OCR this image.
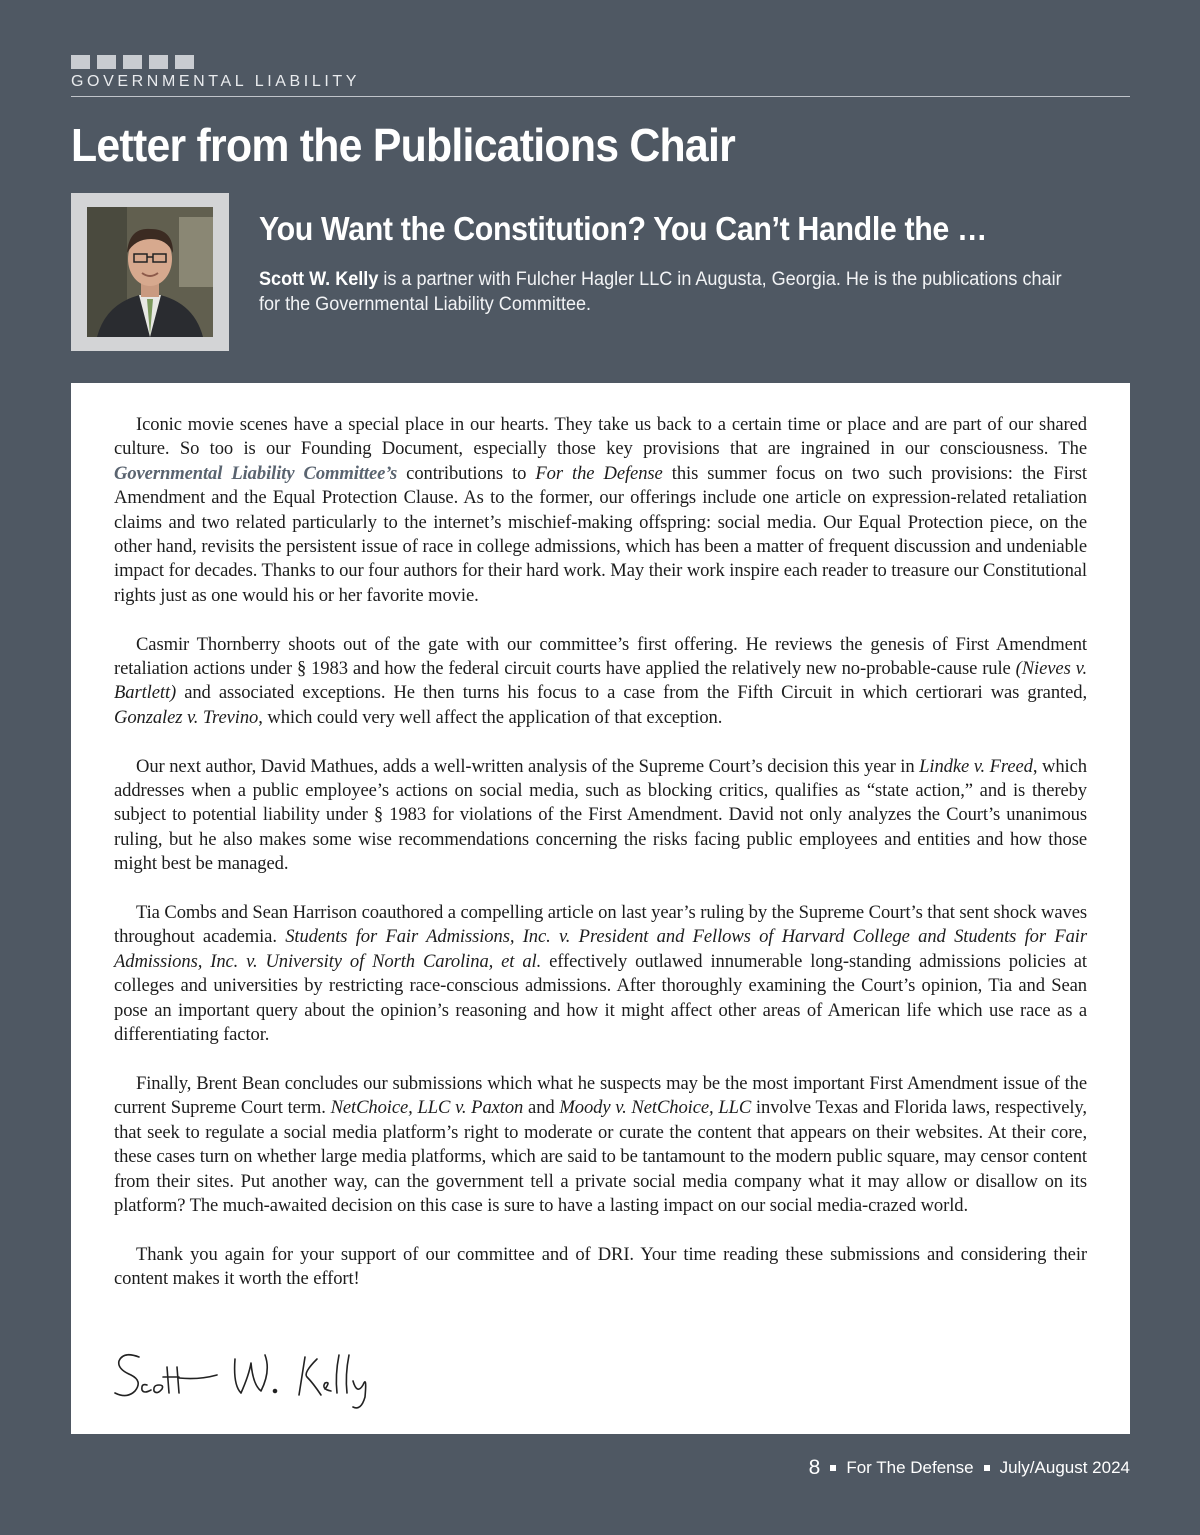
GOVERNMENTAL LIABILITY
Letter from the Publications Chair
You Want the Constitution? You Can’t Handle the …

Scott W. Kelly is a partner with Fulcher Hagler LLC in Augusta, Georgia. He is the publications chair for the Governmental Liability Committee.

Iconic movie scenes have a special place in our hearts. They take us back to a certain time or place and are part of our shared culture. So too is our Founding Document, especially those key provisions that are ingrained in our consciousness. The Governmental Liability Committee’s contributions to For the Defense this summer focus on two such provisions: the First Amendment and the Equal Protection Clause. As to the former, our offerings include one article on expression-related retaliation claims and two related particularly to the internet’s mischief-making offspring: social media. Our Equal Protection piece, on the other hand, revisits the persistent issue of race in college admissions, which has been a matter of frequent discussion and undeniable impact for decades. Thanks to our four authors for their hard work. May their work inspire each reader to treasure our Constitutional rights just as one would his or her favorite movie.

Casmir Thornberry shoots out of the gate with our committee’s first offering. He reviews the genesis of First Amendment retaliation actions under § 1983 and how the federal circuit courts have applied the relatively new no-probable-cause rule (Nieves v. Bartlett) and associated exceptions. He then turns his focus to a case from the Fifth Circuit in which certiorari was granted, Gonzalez v. Trevino, which could very well affect the application of that exception.

Our next author, David Mathues, adds a well-written analysis of the Supreme Court’s decision this year in Lindke v. Freed, which addresses when a public employee’s actions on social media, such as blocking critics, qualifies as “state action,” and is thereby subject to potential liability under § 1983 for violations of the First Amendment. David not only analyzes the Court’s unanimous ruling, but he also makes some wise recommendations concerning the risks facing public employees and entities and how those might best be managed.

Tia Combs and Sean Harrison coauthored a compelling article on last year’s ruling by the Supreme Court’s that sent shock waves throughout academia. Students for Fair Admissions, Inc. v. President and Fellows of Harvard College and Students for Fair Admissions, Inc. v. University of North Carolina, et al. effectively outlawed innumerable long-standing admissions policies at colleges and universities by restricting race-conscious admissions. After thoroughly examining the Court’s opinion, Tia and Sean pose an important query about the opinion’s reasoning and how it might affect other areas of American life which use race as a differentiating factor.

Finally, Brent Bean concludes our submissions which what he suspects may be the most important First Amendment issue of the current Supreme Court term. NetChoice, LLC v. Paxton and Moody v. NetChoice, LLC involve Texas and Florida laws, respectively, that seek to regulate a social media platform’s right to moderate or curate the content that appears on their websites. At their core, these cases turn on whether large media platforms, which are said to be tantamount to the modern public square, may censor content from their sites. Put another way, can the government tell a private social media company what it may allow or disallow on its platform? The much-awaited decision on this case is sure to have a lasting impact on our social media-crazed world.

Thank you again for your support of our committee and of DRI. Your time reading these submissions and considering their content makes it worth the effort!

8 For The Defense July/August 2024
